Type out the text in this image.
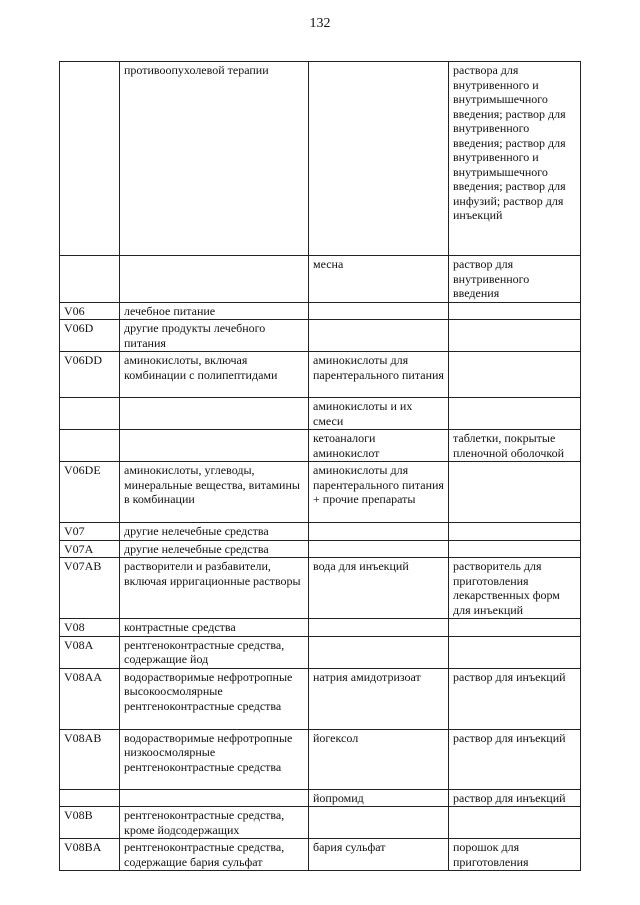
132
	противоопухолевой терапии		раствора для внутривенного и внутримышечного введения; раствор для внутривенного введения; раствор для внутривенного и внутримышечного введения; раствор для инфузий; раствор для инъекций
		месна	раствор для внутривенного введения
V06	лечебное питание		
V06D	другие продукты лечебного питания		
V06DD	аминокислоты, включая комбинации с полипептидами	аминокислоты для парентерального питания	
		аминокислоты и их смеси	
		кетоаналоги аминокислот	таблетки, покрытые пленочной оболочкой
V06DE	аминокислоты, углеводы, минеральные вещества, витамины в комбинации	аминокислоты для парентерального питания + прочие препараты	
V07	другие нелечебные средства		
V07A	другие нелечебные средства		
V07AB	растворители и разбавители, включая ирригационные растворы	вода для инъекций	растворитель для приготовления лекарственных форм для инъекций
V08	контрастные средства		
V08A	рентгеноконтрастные средства, содержащие йод		
V08AA	водорастворимые нефротропные высокоосмолярные рентгеноконтрастные средства	натрия амидотризоат	раствор для инъекций
V08AB	водорастворимые нефротропные низкоосмолярные рентгеноконтрастные средства	йогексол	раствор для инъекций
		йопромид	раствор для инъекций
V08B	рентгеноконтрастные средства, кроме йодсодержащих		
V08BA	рентгеноконтрастные средства, содержащие бария сульфат	бария сульфат	порошок для приготовления
